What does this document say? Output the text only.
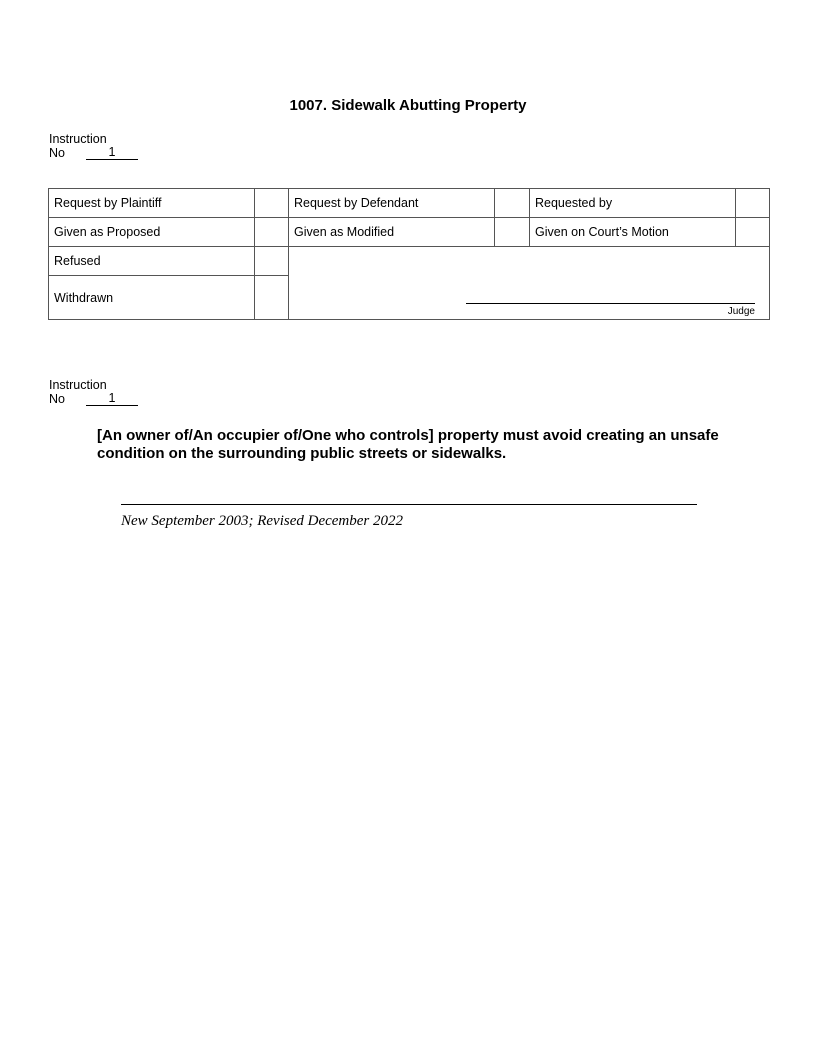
1007. Sidewalk Abutting Property
Instruction
No	1
Request by Plaintiff		Request by Defendant		Requested by	
Given as Proposed		Given as Modified		Given on Court’s Motion	
Refused		Judge			

Withdrawn					
Instruction
No	1
[An owner of/An occupier of/One who controls] property must avoid creating an unsafe condition on the surrounding public streets or sidewalks.
New September 2003; Revised December 2022
